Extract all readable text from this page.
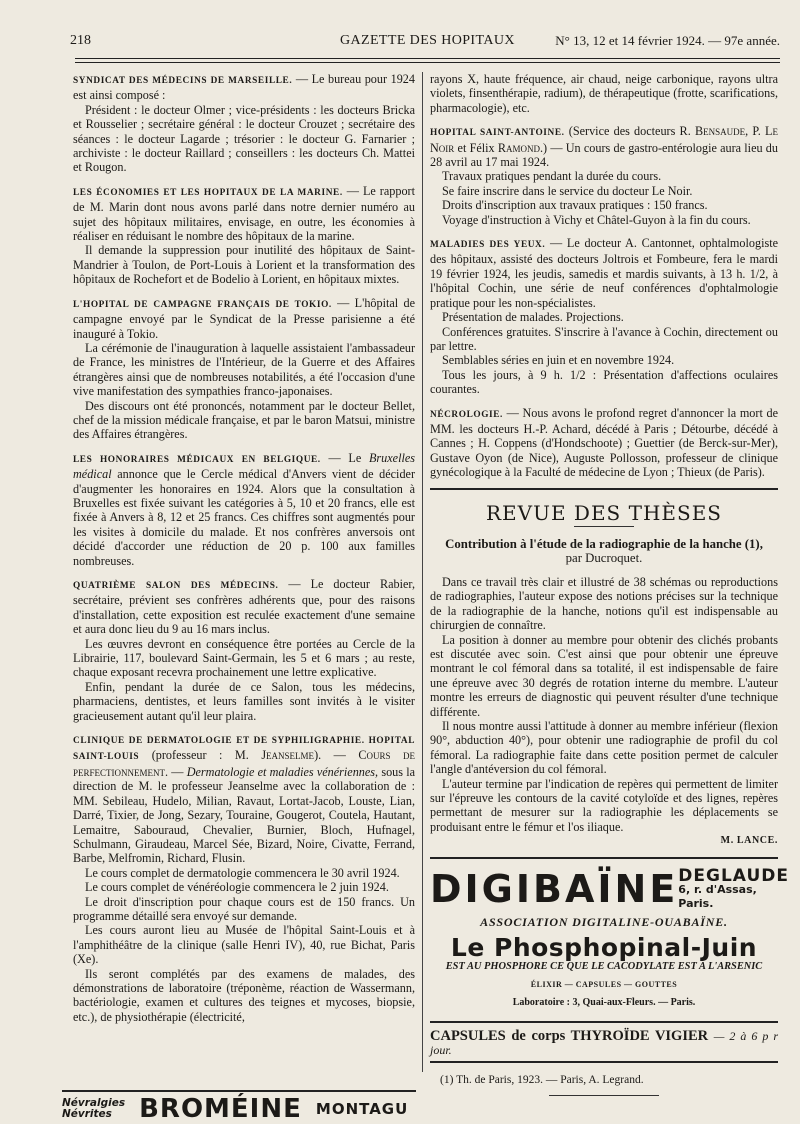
218	GAZETTE DES HOPITAUX	N° 13, 12 et 14 février 1924. — 97e année.

SYNDICAT DES MÉDECINS DE MARSEILLE. — Le bureau pour 1924 est ainsi composé :

Président : le docteur Olmer ; vice-présidents : les docteurs Bricka et Rousselier ; secrétaire général : le docteur Crouzet ; secrétaire des séances : le docteur Lagarde ; trésorier : le docteur G. Farnarier ; archiviste : le docteur Raillard ; conseillers : les docteurs Ch. Mattei et Rougon.

LES ÉCONOMIES ET LES HOPITAUX DE LA MARINE. — Le rapport de M. Marin dont nous avons parlé dans notre dernier numéro au sujet des hôpitaux militaires, envisage, en outre, les économies à réaliser en réduisant le nombre des hôpitaux de la marine.

Il demande la suppression pour inutilité des hôpitaux de Saint-Mandrier à Toulon, de Port-Louis à Lorient et la transformation des hôpitaux de Rochefort et de Bodelio à Lorient, en hôpitaux mixtes.

L'HOPITAL DE CAMPAGNE FRANÇAIS DE TOKIO. — L'hôpital de campagne envoyé par le Syndicat de la Presse parisienne a été inauguré à Tokio.

La cérémonie de l'inauguration à laquelle assistaient l'ambassadeur de France, les ministres de l'Intérieur, de la Guerre et des Affaires étrangères ainsi que de nombreuses notabilités, a été l'occasion d'une vive manifestation des sympathies franco-japonaises.

Des discours ont été prononcés, notamment par le docteur Bellet, chef de la mission médicale française, et par le baron Matsui, ministre des Affaires étrangères.

LES HONORAIRES MÉDICAUX EN BELGIQUE. — Le Bruxelles médical annonce que le Cercle médical d'Anvers vient de décider d'augmenter les honoraires en 1924. Alors que la consultation à Bruxelles est fixée suivant les catégories à 5, 10 et 20 francs, elle est fixée à Anvers à 8, 12 et 25 francs. Ces chiffres sont augmentés pour les visites à domicile du malade. Et nos confrères anversois ont décidé d'accorder une réduction de 20 p. 100 aux familles nombreuses.

QUATRIÈME SALON DES MÉDECINS. — Le docteur Rabier, secrétaire, prévient ses confrères adhérents que, pour des raisons d'installation, cette exposition est reculée exactement d'une semaine et aura donc lieu du 9 au 16 mars inclus.

Les œuvres devront en conséquence être portées au Cercle de la Librairie, 117, boulevard Saint-Germain, les 5 et 6 mars ; au reste, chaque exposant recevra prochainement une lettre explicative.

Enfin, pendant la durée de ce Salon, tous les médecins, pharmaciens, dentistes, et leurs familles sont invités à le visiter gracieusement autant qu'il leur plaira.

CLINIQUE DE DERMATOLOGIE ET DE SYPHILIGRAPHIE. HOPITAL SAINT-LOUIS (professeur : M. Jeanselme). — Cours de perfectionnement. — Dermatologie et maladies vénériennes, sous la direction de M. le professeur Jeanselme avec la collaboration de : MM. Sebileau, Hudelo, Milian, Ravaut, Lortat-Jacob, Louste, Lian, Darré, Tixier, de Jong, Sezary, Touraine, Gougerot, Coutela, Hautant, Lemaitre, Sabouraud, Chevalier, Burnier, Bloch, Hufnagel, Schulmann, Giraudeau, Marcel Sée, Bizard, Noire, Civatte, Ferrand, Barbe, Melfromin, Richard, Flusin.

Le cours complet de dermatologie commencera le 30 avril 1924.

Le cours complet de vénéréologie commencera le 2 juin 1924.

Le droit d'inscription pour chaque cours est de 150 francs. Un programme détaillé sera envoyé sur demande.

Les cours auront lieu au Musée de l'hôpital Saint-Louis et à l'amphithéâtre de la clinique (salle Henri IV), 40, rue Bichat, Paris (Xe).

Ils seront complétés par des examens de malades, des démonstrations de laboratoire (tréponème, réaction de Wassermann, bactériologie, examen et cultures des teignes et mycoses, biopsie, etc.), de physiothérapie (électricité,

Névralgies
Névrites	BROMÉINE MONTAGU

rayons X, haute fréquence, air chaud, neige carbonique, rayons ultra violets, finsenthérapie, radium), de thérapeutique (frotte, scarifications, pharmacologie), etc.

HOPITAL SAINT-ANTOINE. (Service des docteurs R. Bensaude, P. Le Noir et Félix Ramond.) — Un cours de gastro-entérologie aura lieu du 28 avril au 17 mai 1924.

Travaux pratiques pendant la durée du cours.

Se faire inscrire dans le service du docteur Le Noir.

Droits d'inscription aux travaux pratiques : 150 francs.

Voyage d'instruction à Vichy et Châtel-Guyon à la fin du cours.

MALADIES DES YEUX. — Le docteur A. Cantonnet, ophtalmologiste des hôpitaux, assisté des docteurs Joltrois et Fombeure, fera le mardi 19 février 1924, les jeudis, samedis et mardis suivants, à 13 h. 1/2, à l'hôpital Cochin, une série de neuf conférences d'ophtalmologie pratique pour les non-spécialistes.

Présentation de malades. Projections.

Conférences gratuites. S'inscrire à l'avance à Cochin, directement ou par lettre.

Semblables séries en juin et en novembre 1924.

Tous les jours, à 9 h. 1/2 : Présentation d'affections oculaires courantes.

NÉCROLOGIE. — Nous avons le profond regret d'annoncer la mort de MM. les docteurs H.-P. Achard, décédé à Paris ; Détourbe, décédé à Cannes ; H. Coppens (d'Hondschoote) ; Guettier (de Berck-sur-Mer), Gustave Oyon (de Nice), Auguste Pollosson, professeur de clinique gynécologique à la Faculté de médecine de Lyon ; Thieux (de Paris).

REVUE DES THÈSES
Contribution à l'étude de la radiographie de la hanche (1),
par Ducroquet.

Dans ce travail très clair et illustré de 38 schémas ou reproductions de radiographies, l'auteur expose des notions précises sur la technique de la radiographie de la hanche, notions qu'il est indispensable au chirurgien de connaître.

La position à donner au membre pour obtenir des clichés probants est discutée avec soin. C'est ainsi que pour obtenir une épreuve montrant le col fémoral dans sa totalité, il est indispensable de faire une épreuve avec 30 degrés de rotation interne du membre. L'auteur montre les erreurs de diagnostic qui peuvent résulter d'une technique différente.

Il nous montre aussi l'attitude à donner au membre inférieur (flexion 90°, abduction 40°), pour obtenir une radiographie de profil du col fémoral. La radiographie faite dans cette position permet de calculer l'angle d'antéversion du col fémoral.

L'auteur termine par l'indication de repères qui permettent de limiter sur l'épreuve les contours de la cavité cotyloïde et des lignes, repères permettant de mesurer sur la radiographie les déplacements se produisant entre le fémur et l'os iliaque.

M. LANCE.
DIGIBAÏNE DEGLAUDE
6, r. d'Assas, Paris.
ASSOCIATION DIGITALINE-OUABAÏNE.
Le Phosphopinal-Juin
EST AU PHOSPHORE CE QUE LE CACODYLATE EST A L'ARSENIC
ÉLIXIR — CAPSULES — GOUTTES
Laboratoire : 3, Quai-aux-Fleurs. — Paris.
CAPSULES de corps THYROÏDE VIGIER — 2 à 6 p r jour.
(1) Th. de Paris, 1923. — Paris, A. Legrand.
